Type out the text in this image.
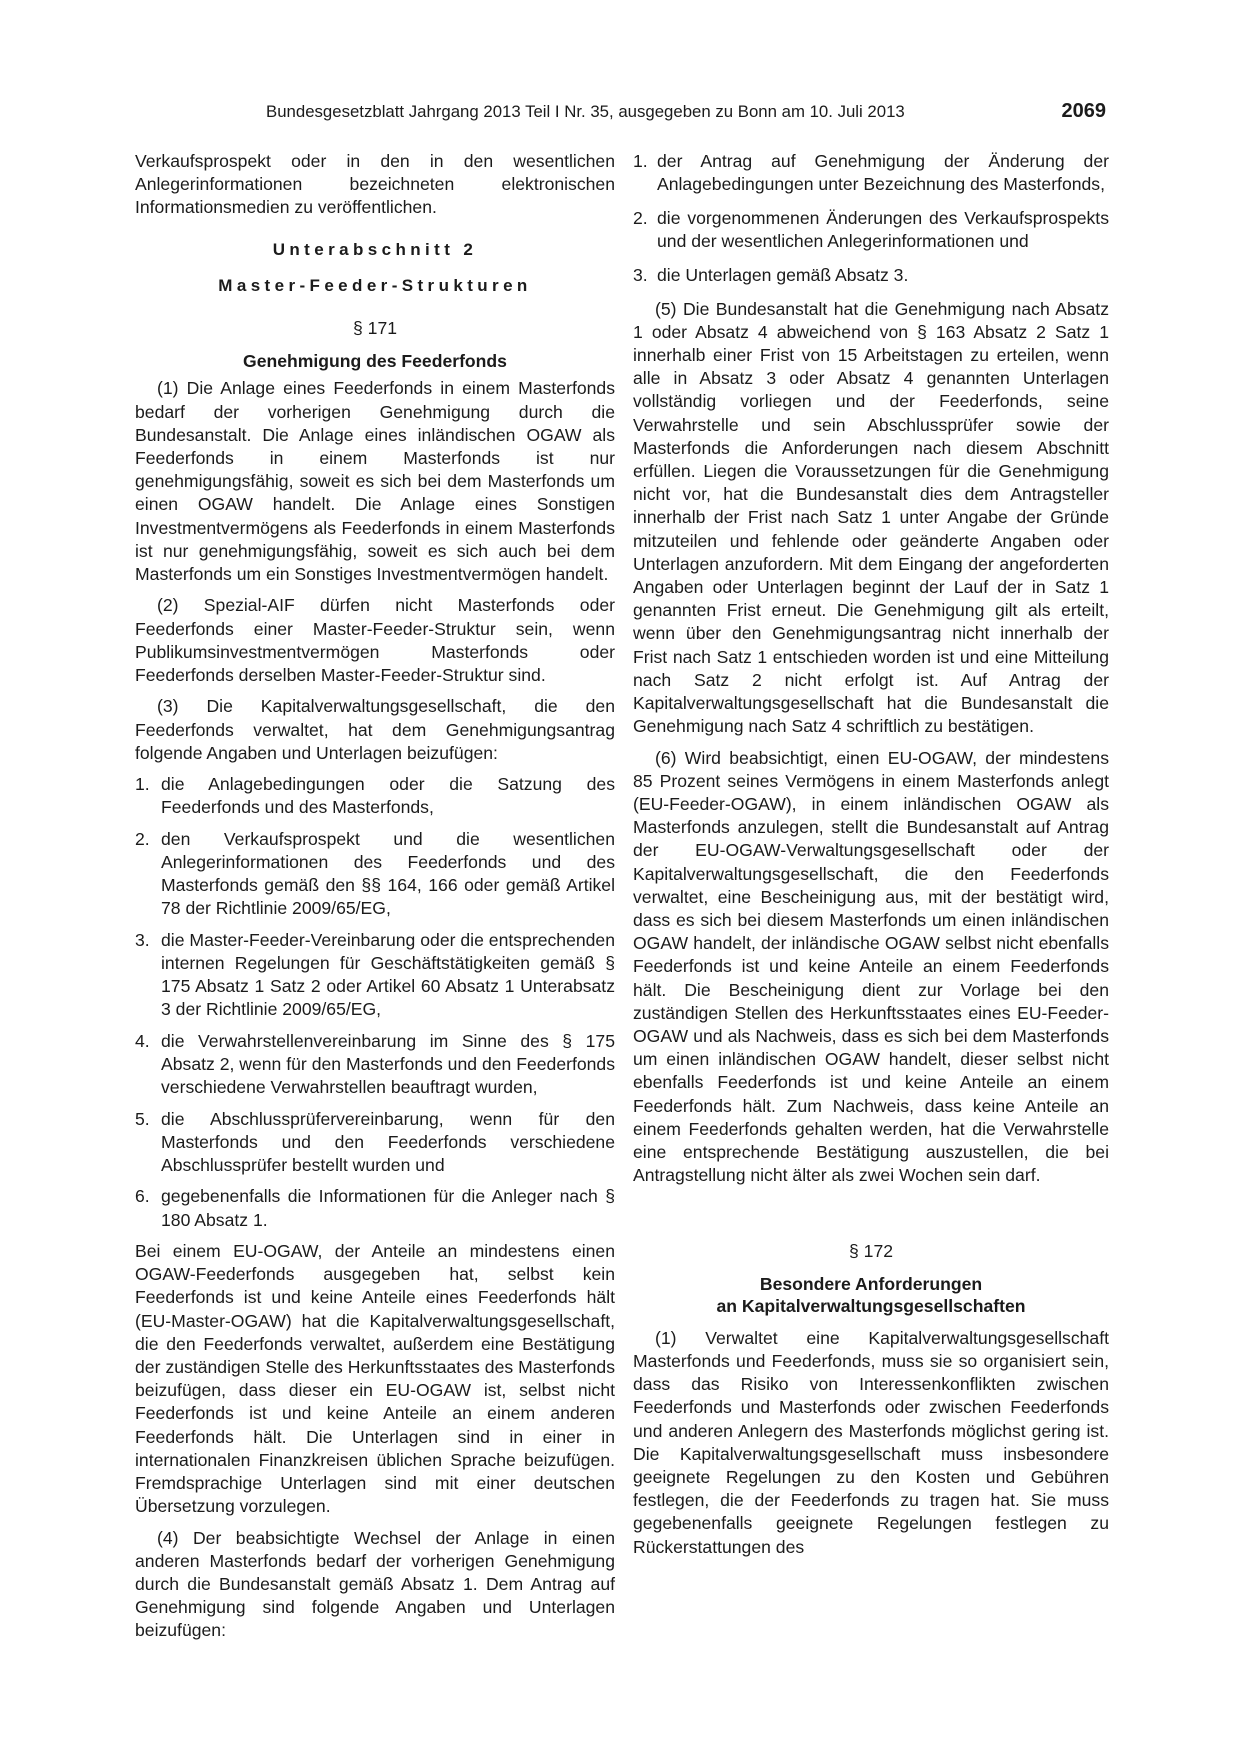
Bundesgesetzblatt Jahrgang 2013 Teil I Nr. 35, ausgegeben zu Bonn am 10. Juli 2013	2069

Verkaufsprospekt oder in den in den wesentlichen Anlegerinformationen bezeichneten elektronischen Informationsmedien zu veröffentlichen.

Unterabschnitt 2
Master-Feeder-Strukturen
§ 171
Genehmigung des Feederfonds

(1) Die Anlage eines Feederfonds in einem Masterfonds bedarf der vorherigen Genehmigung durch die Bundesanstalt. Die Anlage eines inländischen OGAW als Feederfonds in einem Masterfonds ist nur genehmigungsfähig, soweit es sich bei dem Masterfonds um einen OGAW handelt. Die Anlage eines Sonstigen Investmentvermögens als Feederfonds in einem Masterfonds ist nur genehmigungsfähig, soweit es sich auch bei dem Masterfonds um ein Sonstiges Investmentvermögen handelt.

(2) Spezial-AIF dürfen nicht Masterfonds oder Feederfonds einer Master-Feeder-Struktur sein, wenn Publikumsinvestmentvermögen Masterfonds oder Feederfonds derselben Master-Feeder-Struktur sind.

(3) Die Kapitalverwaltungsgesellschaft, die den Feederfonds verwaltet, hat dem Genehmigungsantrag folgende Angaben und Unterlagen beizufügen:

1. die Anlagebedingungen oder die Satzung des Feederfonds und des Masterfonds,
2. den Verkaufsprospekt und die wesentlichen Anlegerinformationen des Feederfonds und des Masterfonds gemäß den §§ 164, 166 oder gemäß Artikel 78 der Richtlinie 2009/65/EG,
3. die Master-Feeder-Vereinbarung oder die entsprechenden internen Regelungen für Geschäftstätigkeiten gemäß § 175 Absatz 1 Satz 2 oder Artikel 60 Absatz 1 Unterabsatz 3 der Richtlinie 2009/65/EG,
4. die Verwahrstellenvereinbarung im Sinne des § 175 Absatz 2, wenn für den Masterfonds und den Feederfonds verschiedene Verwahrstellen beauftragt wurden,
5. die Abschlussprüfervereinbarung, wenn für den Masterfonds und den Feederfonds verschiedene Abschlussprüfer bestellt wurden und
6. gegebenenfalls die Informationen für die Anleger nach § 180 Absatz 1.

Bei einem EU-OGAW, der Anteile an mindestens einen OGAW-Feederfonds ausgegeben hat, selbst kein Feederfonds ist und keine Anteile eines Feederfonds hält (EU-Master-OGAW) hat die Kapitalverwaltungsgesellschaft, die den Feederfonds verwaltet, außerdem eine Bestätigung der zuständigen Stelle des Herkunftsstaates des Masterfonds beizufügen, dass dieser ein EU-OGAW ist, selbst nicht Feederfonds ist und keine Anteile an einem anderen Feederfonds hält. Die Unterlagen sind in einer in internationalen Finanzkreisen üblichen Sprache beizufügen. Fremdsprachige Unterlagen sind mit einer deutschen Übersetzung vorzulegen.

(4) Der beabsichtigte Wechsel der Anlage in einen anderen Masterfonds bedarf der vorherigen Genehmigung durch die Bundesanstalt gemäß Absatz 1. Dem Antrag auf Genehmigung sind folgende Angaben und Unterlagen beizufügen:

1. der Antrag auf Genehmigung der Änderung der Anlagebedingungen unter Bezeichnung des Masterfonds,
2. die vorgenommenen Änderungen des Verkaufsprospekts und der wesentlichen Anlegerinformationen und
3. die Unterlagen gemäß Absatz 3.

(5) Die Bundesanstalt hat die Genehmigung nach Absatz 1 oder Absatz 4 abweichend von § 163 Absatz 2 Satz 1 innerhalb einer Frist von 15 Arbeitstagen zu erteilen, wenn alle in Absatz 3 oder Absatz 4 genannten Unterlagen vollständig vorliegen und der Feederfonds, seine Verwahrstelle und sein Abschlussprüfer sowie der Masterfonds die Anforderungen nach diesem Abschnitt erfüllen. Liegen die Voraussetzungen für die Genehmigung nicht vor, hat die Bundesanstalt dies dem Antragsteller innerhalb der Frist nach Satz 1 unter Angabe der Gründe mitzuteilen und fehlende oder geänderte Angaben oder Unterlagen anzufordern. Mit dem Eingang der angeforderten Angaben oder Unterlagen beginnt der Lauf der in Satz 1 genannten Frist erneut. Die Genehmigung gilt als erteilt, wenn über den Genehmigungsantrag nicht innerhalb der Frist nach Satz 1 entschieden worden ist und eine Mitteilung nach Satz 2 nicht erfolgt ist. Auf Antrag der Kapitalverwaltungsgesellschaft hat die Bundesanstalt die Genehmigung nach Satz 4 schriftlich zu bestätigen.

(6) Wird beabsichtigt, einen EU-OGAW, der mindestens 85 Prozent seines Vermögens in einem Masterfonds anlegt (EU-Feeder-OGAW), in einem inländischen OGAW als Masterfonds anzulegen, stellt die Bundesanstalt auf Antrag der EU-OGAW-Verwaltungsgesellschaft oder der Kapitalverwaltungsgesellschaft, die den Feederfonds verwaltet, eine Bescheinigung aus, mit der bestätigt wird, dass es sich bei diesem Masterfonds um einen inländischen OGAW handelt, der inländische OGAW selbst nicht ebenfalls Feederfonds ist und keine Anteile an einem Feederfonds hält. Die Bescheinigung dient zur Vorlage bei den zuständigen Stellen des Herkunftsstaates eines EU-Feeder-OGAW und als Nachweis, dass es sich bei dem Masterfonds um einen inländischen OGAW handelt, dieser selbst nicht ebenfalls Feederfonds ist und keine Anteile an einem Feederfonds hält. Zum Nachweis, dass keine Anteile an einem Feederfonds gehalten werden, hat die Verwahrstelle eine entsprechende Bestätigung auszustellen, die bei Antragstellung nicht älter als zwei Wochen sein darf.

§ 172
Besondere Anforderungen
an Kapitalverwaltungsgesellschaften

(1) Verwaltet eine Kapitalverwaltungsgesellschaft Masterfonds und Feederfonds, muss sie so organisiert sein, dass das Risiko von Interessenkonflikten zwischen Feederfonds und Masterfonds oder zwischen Feederfonds und anderen Anlegern des Masterfonds möglichst gering ist. Die Kapitalverwaltungsgesellschaft muss insbesondere geeignete Regelungen zu den Kosten und Gebühren festlegen, die der Feederfonds zu tragen hat. Sie muss gegebenenfalls geeignete Regelungen festlegen zu Rückerstattungen des
